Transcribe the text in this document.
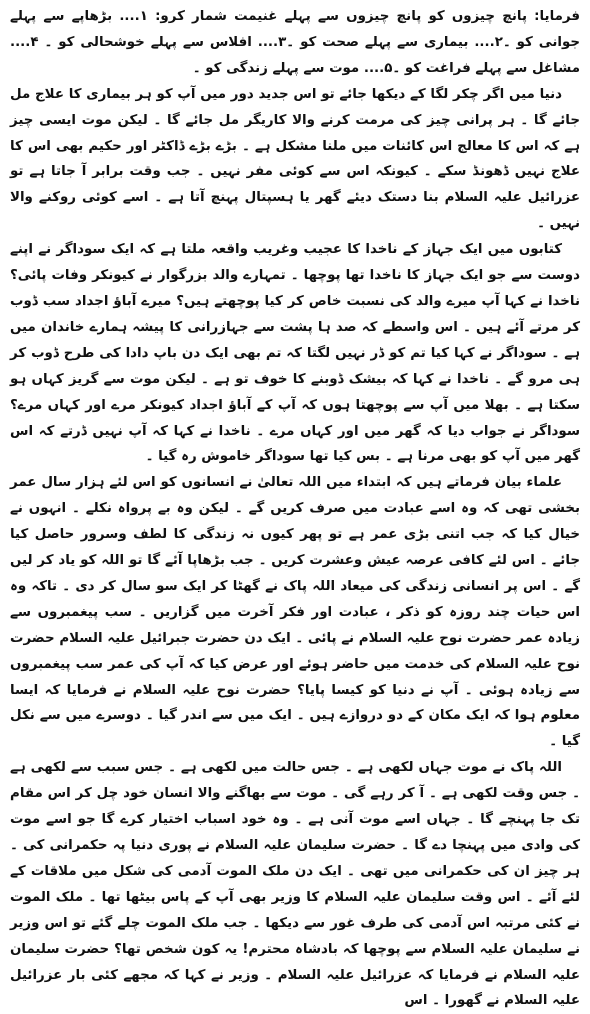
فرمایا: پانچ چیزوں کو پانچ چیزوں سے پہلے غنیمت شمار کرو: ۱.... بڑھاپے سے پہلے جوانی کو ۔۲.... بیماری سے پہلے صحت کو ۔۳.... افلاس سے پہلے خوشحالی کو ۔ ۴.... مشاغل سے پہلے فراغت کو ۔۵.... موت سے پہلے زندگی کو ۔

دنیا میں اگر چکر لگا کے دیکھا جائے تو اس جدید دور میں آپ کو ہر بیماری کا علاج مل جائے گا ۔ ہر پرانی چیز کی مرمت کرنے والا کاریگر مل جائے گا ۔ لیکن موت ایسی چیز ہے کہ اس کا معالج اس کائنات میں ملنا مشکل ہے ۔ بڑے بڑے ڈاکٹر اور حکیم بھی اس کا علاج نہیں ڈھونڈ سکے ۔ کیونکہ اس سے کوئی مفر نہیں ۔ جب وقت برابر آ جاتا ہے تو عزرائیل علیہ السلام بنا دستک دیئے گھر یا ہسپتال پہنچ آتا ہے ۔ اسے کوئی روکنے والا نہیں ۔

کتابوں میں ایک جہاز کے ناخدا کا عجیب وغریب واقعہ ملتا ہے کہ ایک سوداگر نے اپنے دوست سے جو ایک جہاز کا ناخدا تھا پوچھا ۔ تمہارے والد بزرگوار نے کیونکر وفات پائی؟ ناخدا نے کہا آپ میرے والد کی نسبت خاص کر کیا پوچھتے ہیں؟ میرے آباؤ اجداد سب ڈوب کر مرتے آئے ہیں ۔ اس واسطے کہ صد ہا پشت سے جہازرانی کا پیشہ ہمارے خاندان میں ہے ۔ سوداگر نے کہا کیا تم کو ڈر نہیں لگتا کہ تم بھی ایک دن باپ دادا کی طرح ڈوب کر ہی مرو گے ۔ ناخدا نے کہا کہ بیشک ڈوبنے کا خوف تو ہے ۔ لیکن موت سے گریز کہاں ہو سکتا ہے ۔ بھلا میں آپ سے پوچھتا ہوں کہ آپ کے آباؤ اجداد کیونکر مرے اور کہاں مرے؟ سوداگر نے جواب دیا کہ گھر میں اور کہاں مرے ۔ ناخدا نے کہا کہ آپ نہیں ڈرتے کہ اس گھر میں آپ کو بھی مرنا ہے ۔ بس کیا تھا سوداگر خاموش رہ گیا ۔

علماء بیان فرماتے ہیں کہ ابتداء میں اللہ تعالیٰ نے انسانوں کو اس لئے ہزار سال عمر بخشی تھی کہ وہ اسے عبادت میں صرف کریں گے ۔ لیکن وہ بے پرواہ نکلے ۔ انہوں نے خیال کیا کہ جب اتنی بڑی عمر ہے تو پھر کیوں نہ زندگی کا لطف وسرور حاصل کیا جائے ۔ اس لئے کافی عرصہ عیش وعشرت کریں ۔ جب بڑھاپا آئے گا تو اللہ کو یاد کر لیں گے ۔ اس پر انسانی زندگی کی میعاد اللہ پاک نے گھٹا کر ایک سو سال کر دی ۔ تاکہ وہ اس حیات چند روزہ کو ذکر ، عبادت اور فکر آخرت میں گزاریں ۔ سب پیغمبروں سے زیادہ عمر حضرت نوح علیہ السلام نے پائی ۔ ایک دن حضرت جبرائیل علیہ السلام حضرت نوح علیہ السلام کی خدمت میں حاضر ہوئے اور عرض کیا کہ آپ کی عمر سب پیغمبروں سے زیادہ ہوئی ۔ آپ نے دنیا کو کیسا پایا؟ حضرت نوح علیہ السلام نے فرمایا کہ ایسا معلوم ہوا کہ ایک مکان کے دو دروازے ہیں ۔ ایک میں سے اندر گیا ۔ دوسرے میں سے نکل گیا ۔

اللہ پاک نے موت جہاں لکھی ہے ۔ جس حالت میں لکھی ہے ۔ جس سبب سے لکھی ہے ۔ جس وقت لکھی ہے ۔ آ کر رہے گی ۔ موت سے بھاگنے والا انسان خود چل کر اس مقام تک جا پہنچے گا ۔ جہاں اسے موت آنی ہے ۔ وہ خود اسباب اختیار کرے گا جو اسے موت کی وادی میں پہنچا دے گا ۔ حضرت سلیمان علیہ السلام نے پوری دنیا پہ حکمرانی کی ۔ ہر چیز ان کی حکمرانی میں تھی ۔ ایک دن ملک الموت آدمی کی شکل میں ملاقات کے لئے آئے ۔ اس وقت سلیمان علیہ السلام کا وزیر بھی آپ کے پاس بیٹھا تھا ۔ ملک الموت نے کئی مرتبہ اس آدمی کی طرف غور سے دیکھا ۔ جب ملک الموت چلے گئے تو اس وزیر نے سلیمان علیہ السلام سے پوچھا کہ بادشاہ محترم! یہ کون شخص تھا؟ حضرت سلیمان علیہ السلام نے فرمایا کہ عزرائیل علیہ السلام ۔ وزیر نے کہا کہ مجھے کئی بار عزرائیل علیہ السلام نے گھورا ۔ اس
